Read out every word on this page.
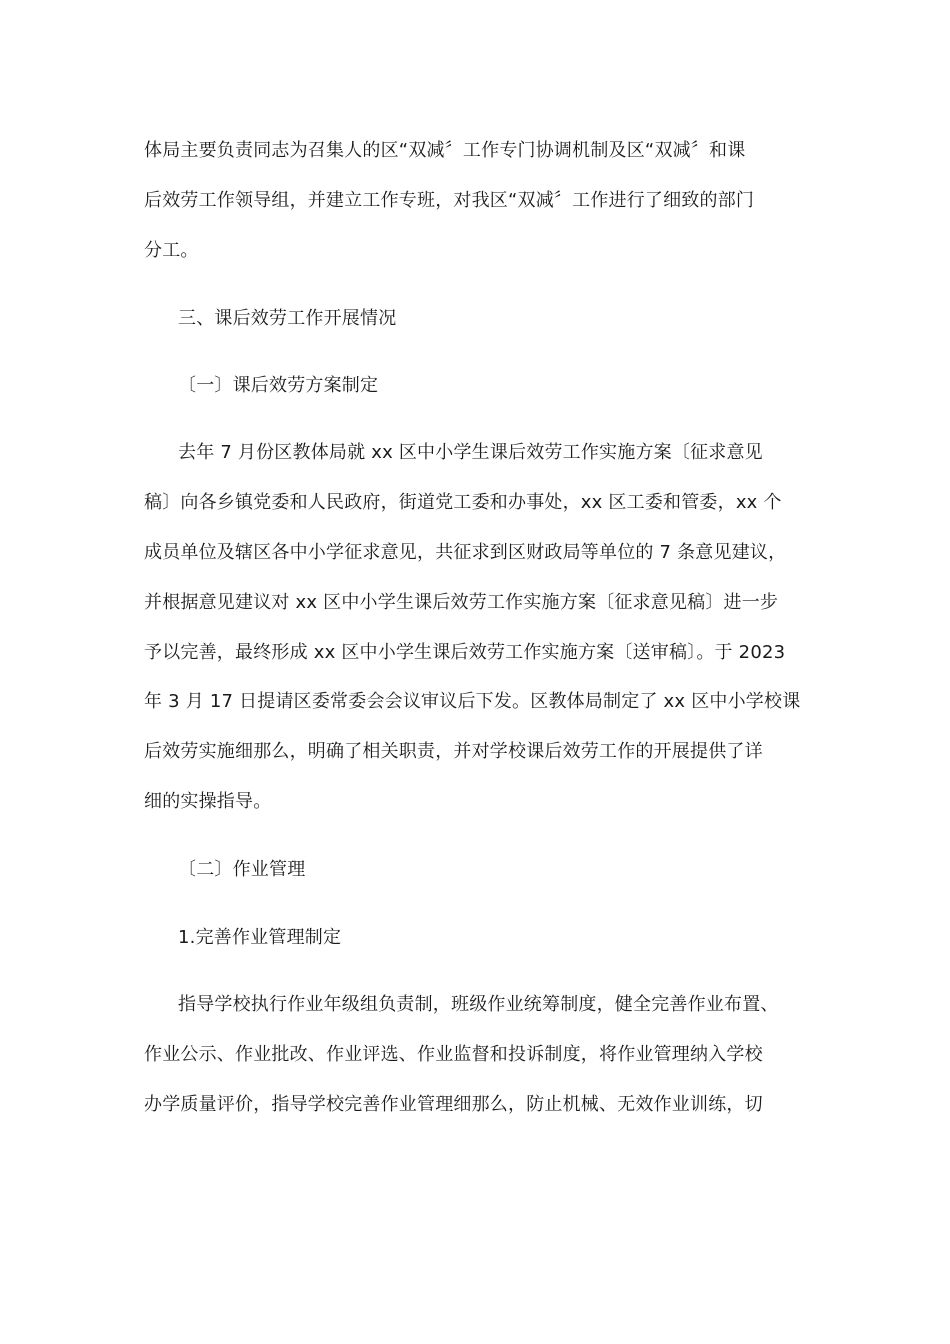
体局主要负责同志为召集人的区“双减〞工作专门协调机制及区“双减〞和课
后效劳工作领导组，并建立工作专班，对我区“双减〞工作进行了细致的部门
分工。
三、课后效劳工作开展情况
〔一〕课后效劳方案制定
去年 7 月份区教体局就 xx 区中小学生课后效劳工作实施方案〔征求意见
稿〕向各乡镇党委和人民政府，街道党工委和办事处，xx 区工委和管委，xx 个
成员单位及辖区各中小学征求意见，共征求到区财政局等单位的 7 条意见建议，
并根据意见建议对 xx 区中小学生课后效劳工作实施方案〔征求意见稿〕进一步
予以完善，最终形成 xx 区中小学生课后效劳工作实施方案〔送审稿〕。于 2023
年 3 月 17 日提请区委常委会会议审议后下发。区教体局制定了 xx 区中小学校课
后效劳实施细那么，明确了相关职责，并对学校课后效劳工作的开展提供了详
细的实操指导。
〔二〕作业管理
1.完善作业管理制定
指导学校执行作业年级组负责制，班级作业统筹制度，健全完善作业布置、
作业公示、作业批改、作业评选、作业监督和投诉制度，将作业管理纳入学校
办学质量评价，指导学校完善作业管理细那么，防止机械、无效作业训练，切
